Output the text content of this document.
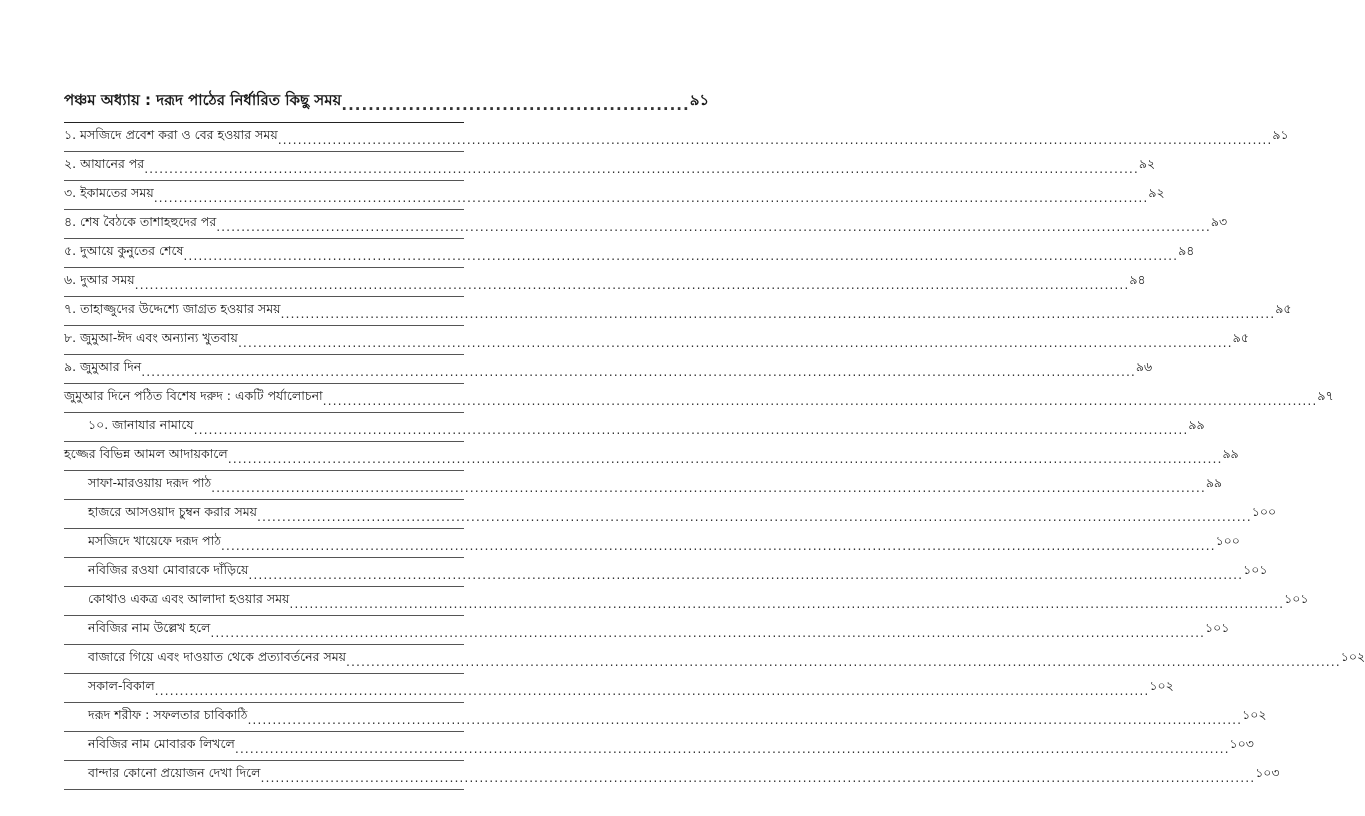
পঞ্চম অধ্যায় : দরূদ পাঠের নির্ধারিত কিছু সময় .................................................... ৯১
১. মসজিদে প্রবেশ করা ও বের হওয়ার সময় ........................................................................................................................................................................................................ ৯১
২. আযানের পর ........................................................................................................................................................................................................ ৯২
৩. ইকামতের সময় ........................................................................................................................................................................................................ ৯২
৪. শেষ বৈঠকে তাশাহহুদের পর ........................................................................................................................................................................................................ ৯৩
৫. দুআয়ে কুনুতের শেষে ........................................................................................................................................................................................................ ৯৪
৬. দুআর সময় ........................................................................................................................................................................................................ ৯৪
৭. তাহাজ্জুদের উদ্দেশ্যে জাগ্রত হওয়ার সময় ........................................................................................................................................................................................................ ৯৫
৮. জুমুআ-ঈদ এবং অন্যান্য খুতবায় ........................................................................................................................................................................................................ ৯৫
৯. জুমুআর দিন ........................................................................................................................................................................................................ ৯৬
জুমুআর দিনে পঠিত বিশেষ দরুদ : একটি পর্যালোচনা ........................................................................................................................................................................................................ ৯৭
১০. জানাযার নামাযে ........................................................................................................................................................................................................ ৯৯
হজ্জের বিভিন্ন আমল আদায়কালে ........................................................................................................................................................................................................ ৯৯
সাফা-মারওয়ায় দরূদ পাঠ ........................................................................................................................................................................................................ ৯৯
হাজরে আসওয়াদ চুম্বন করার সময় ........................................................................................................................................................................................................ ১০০
মসজিদে খায়েফে দরূদ পাঠ ........................................................................................................................................................................................................ ১০০
নবিজির রওযা মোবারকে দাঁড়িয়ে ........................................................................................................................................................................................................ ১০১
কোথাও একত্র এবং আলাদা হওয়ার সময় ........................................................................................................................................................................................................ ১০১
নবিজির নাম উল্লেখ হলে ........................................................................................................................................................................................................ ১০১
বাজারে গিয়ে এবং দাওয়াত থেকে প্রত্যাবর্তনের সময় ........................................................................................................................................................................................................ ১০২
সকাল-বিকাল ........................................................................................................................................................................................................ ১০২
দরূদ শরীফ : সফলতার চাবিকাঠি ........................................................................................................................................................................................................ ১০২
নবিজির নাম মোবারক লিখলে ........................................................................................................................................................................................................ ১০৩
বান্দার কোনো প্রয়োজন দেখা দিলে ........................................................................................................................................................................................................ ১০৩
